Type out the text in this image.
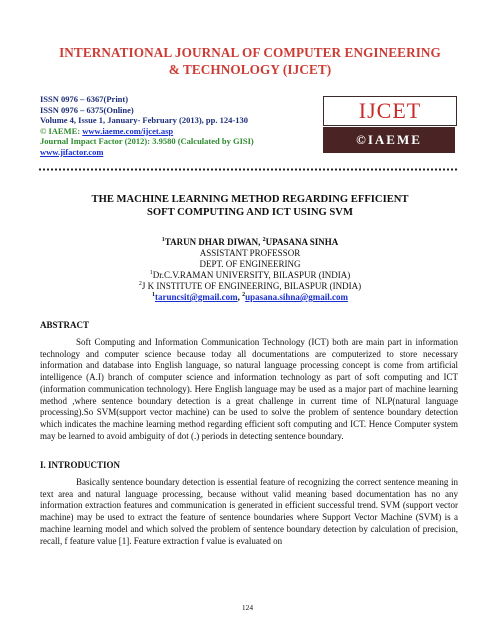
INTERNATIONAL JOURNAL OF COMPUTER ENGINEERING
& TECHNOLOGY (IJCET)
ISSN 0976 – 6367(Print)
ISSN 0976 – 6375(Online)
Volume 4, Issue 1, January- February (2013), pp. 124-130
© IAEME: www.iaeme.com/ijcet.asp
Journal Impact Factor (2012): 3.9580 (Calculated by GISI)
www.jifactor.com
IJCET
©IAEME
THE MACHINE LEARNING METHOD REGARDING EFFICIENT
SOFT COMPUTING AND ICT USING SVM
$^1$TARUN DHAR DIWAN, $^2$UPASANA SINHA
ASSISTANT PROFESSOR
DEPT. OF ENGINEERING
$^1$Dr.C.V.RAMAN UNIVERSITY, BILASPUR (INDIA)
$^2$J K INSTITUTE OF ENGINEERING, BILASPUR (INDIA)
$^1$taruncsit@gmail.com, $^2$upasana.sihna@gmail.com
ABSTRACT
Soft Computing and Information Communication Technology (ICT) both are main part in information technology and computer science because today all documentations are computerized to store necessary information and database into English language, so natural language processing concept is come from artificial intelligence (A.I) branch of computer science and information technology as part of soft computing and ICT (information communication technology). Here English language may be used as a major part of machine learning method ,where sentence boundary detection is a great challenge in current time of NLP(natural language processing).So SVM(support vector machine) can be used to solve the problem of sentence boundary detection which indicates the machine learning method regarding efficient soft computing and ICT. Hence Computer system may be learned to avoid ambiguity of dot (.) periods in detecting sentence boundary.
I. INTRODUCTION
Basically sentence boundary detection is essential feature of recognizing the correct sentence meaning in text area and natural language processing, because without valid meaning based documentation has no any information extraction features and communication is generated in efficient successful trend. SVM (support vector machine) may be used to extract the feature of sentence boundaries where Support Vector Machine (SVM) is a machine learning model and which solved the problem of sentence boundary detection by calculation of precision, recall, f feature value [1]. Feature extraction f value is evaluated on
124
